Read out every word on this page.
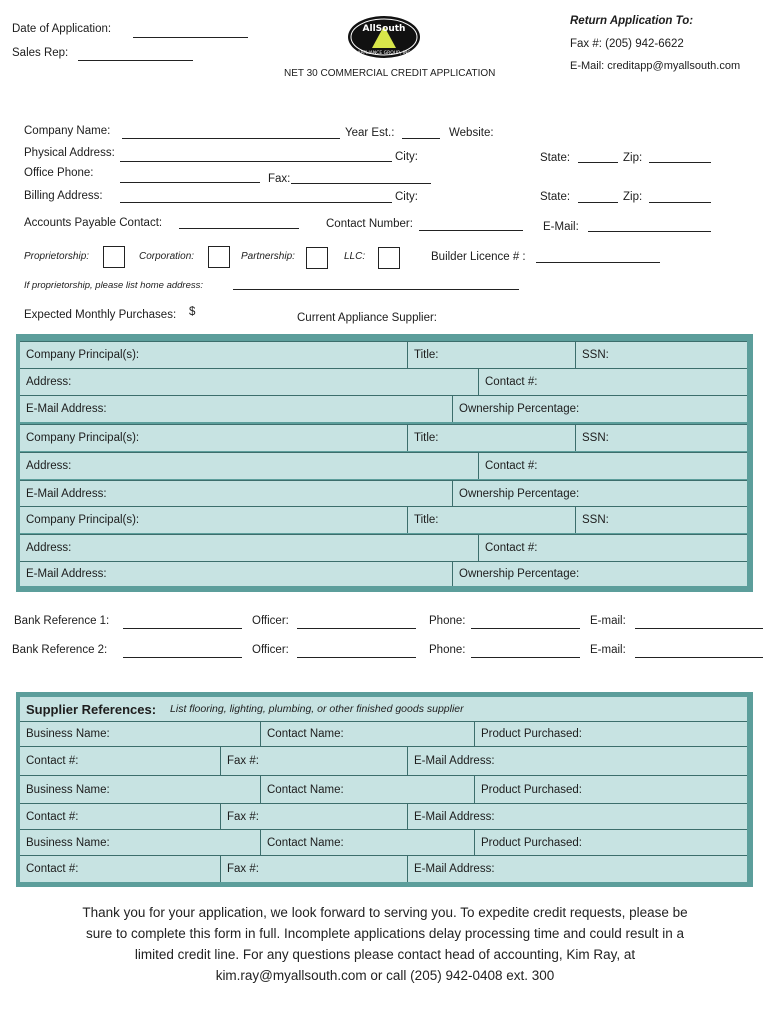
Date of Application:
Sales Rep:
AllSouth
APPLIANCE GROUP, INC
NET 30 COMMERCIAL CREDIT APPLICATION
Return Application To:
Fax #: (205) 942-6622
E-Mail: creditapp@myallsouth.com
Company Name:	Year Est.:	Website:
Physical Address:	City:	State:	Zip:
Office Phone:	Fax:
Billing Address:	City:	State:	Zip:
Accounts Payable Contact:	Contact Number:	E-Mail:
Proprietorship:	Corporation:	Partnership:	LLC:	Builder Licence # :
If proprietorship, please list home address:
Expected Monthly Purchases: $	Current Appliance Supplier:
Company Principal(s):	Title:	SSN:
Address:	Contact #:
E-Mail Address:	Ownership Percentage:
Company Principal(s):	Title:	SSN:
Address:	Contact #:
E-Mail Address:	Ownership Percentage:
Company Principal(s):	Title:	SSN:
Address:	Contact #:
E-Mail Address:	Ownership Percentage:
Bank Reference 1:	Officer:	Phone:	E-mail:
Bank Reference 2:	Officer:	Phone:	E-mail:
Supplier References: List flooring, lighting, plumbing, or other finished goods supplier
Business Name:	Contact Name:	Product Purchased:
Contact #:	Fax #:	E-Mail Address:
Business Name:	Contact Name:	Product Purchased:
Contact #:	Fax #:	E-Mail Address:
Business Name:	Contact Name:	Product Purchased:
Contact #:	Fax #:	E-Mail Address:
Thank you for your application, we look forward to serving you. To expedite credit requests, please be sure to complete this form in full. Incomplete applications delay processing time and could result in a limited credit line. For any questions please contact head of accounting, Kim Ray, at kim.ray@myallsouth.com or call (205) 942-0408 ext. 300
